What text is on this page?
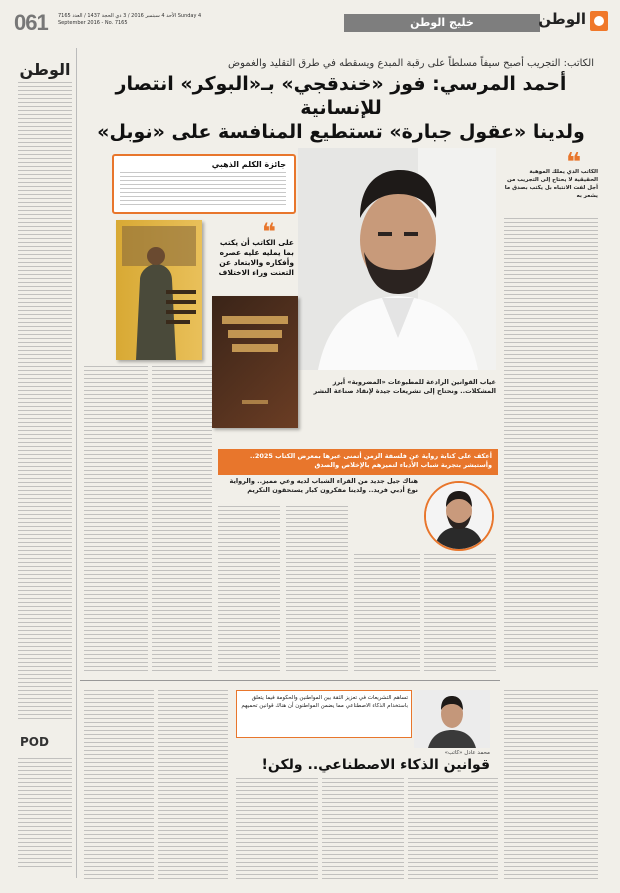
061 الأحد 4 سبتمبر 2016 / 3 ذي الحجة 1437 / العدد 7165 Sunday 4 September 2016 - No. 7165	خليج الوطن	الوطن
الوطن
POD
الكاتب: التجريب أصبح سيفاً مسلطاً على رقبة المبدع ويسقطه في طرق التقليد والغموض
أحمد المرسي: فوز «خندقجي» بـ«البوكر» انتصار للإنسانية
ولدينا «عقول جبارة» تستطيع المنافسة على «نوبل»
❝
الكاتب الذي يملك الموهبة الحقيقية لا يحتاج إلى التجريب من أجل لفت الانتباه بل يكتب بصدق ما يشعر به
جائزة الكلم الذهبي
❝
على الكاتب أن يكتب بما يمليه عليه عصره وأفكاره والابتعاد عن التعنت وراء الاختلاف
غياب القوانين الرادعة للمطبوعات «المضروبة» أبرز المشكلات.. ونحتاج إلى تشريعات جيدة لإنقاذ صناعة النشر
أعكف على كتابة رواية عن فلسفة الزمن أتمنى عبرها بمعرض الكتاب 2025.. وأستبشر بتجربة شباب الأدباء لتميزهم بالإخلاص والصدق
هناك جيل جديد من القراء الشباب لديه وعي مميز.. والرواية نوع أدبي فريد.. ولدينا مفكرون كبار يستحقون التكريم
تساهم التشريعات في تعزيز الثقة بين المواطنين والحكومة فيما يتعلق باستخدام الذكاء الاصطناعي مما يضمن المواطنون أن هناك قوانين تحميهم
محمد عادل «كاتب»
قوانين الذكاء الاصطناعي.. ولكن!
